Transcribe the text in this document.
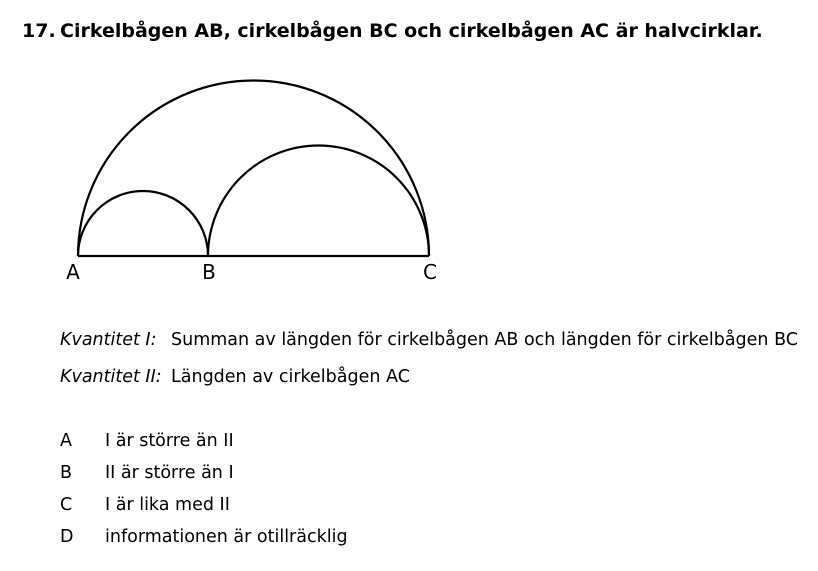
17. Cirkelbågen AB, cirkelbågen BC och cirkelbågen AC är halvcirklar.
A	B	C
Kvantitet I: Summan av längden för cirkelbågen AB och längden för cirkelbågen BC
Kvantitet II: Längden av cirkelbågen AC
A I är större än II
B II är större än I
C I är lika med II
D informationen är otillräcklig
